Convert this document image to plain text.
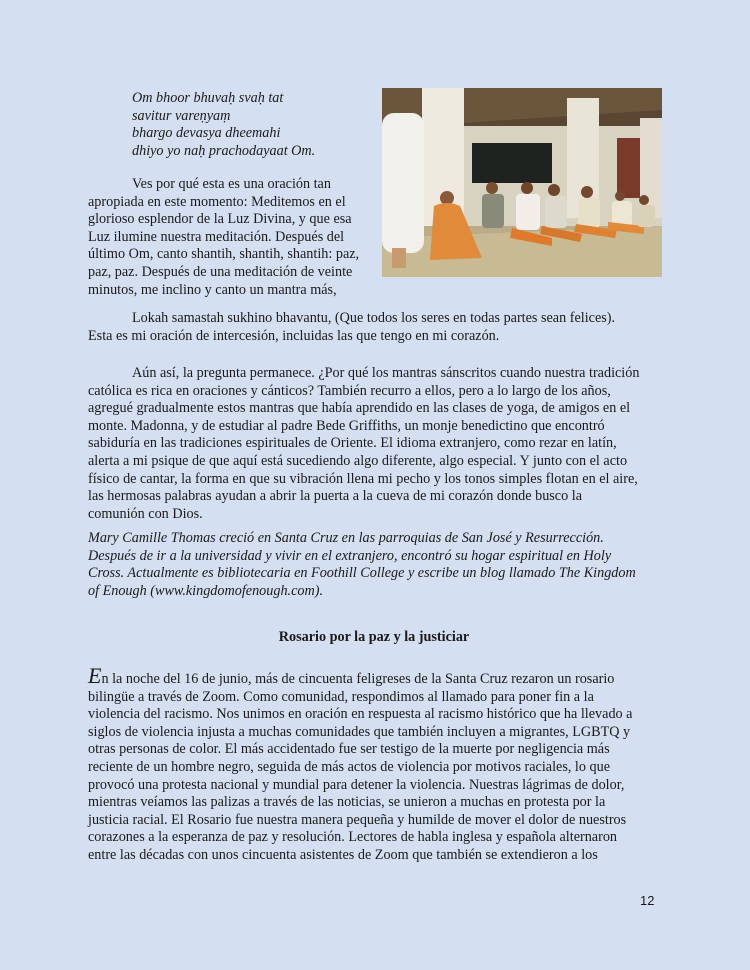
Om bhoor bhuvaḥ svaḥ tat
savitur vareṇyaṃ
bhargo devasya dheemahi
dhiyo yo naḥ prachodayaat Om.

Ves por qué esta es una oración tan
apropiada en este momento: Meditemos en el
glorioso esplendor de la Luz Divina, y que esa
Luz ilumine nuestra meditación. Después del
último Om, canto shantih, shantih, shantih: paz,
paz, paz. Después de una meditación de veinte
minutos, me inclino y canto un mantra más,

Lokah samastah sukhino bhavantu, (Que todos los seres en todas partes sean felices).
Esta es mi oración de intercesión, incluidas las que tengo en mi corazón.

Aún así, la pregunta permanece. ¿Por qué los mantras sánscritos cuando nuestra tradición
católica es rica en oraciones y cánticos? También recurro a ellos, pero a lo largo de los años,
agregué gradualmente estos mantras que había aprendido en las clases de yoga, de amigos en el
monte. Madonna, y de estudiar al padre Bede Griffiths, un monje benedictino que encontró
sabiduría en las tradiciones espirituales de Oriente. El idioma extranjero, como rezar en latín,
alerta a mi psique de que aquí está sucediendo algo diferente, algo especial. Y junto con el acto
físico de cantar, la forma en que su vibración llena mi pecho y los tonos simples flotan en el aire,
las hermosas palabras ayudan a abrir la puerta a la cueva de mi corazón donde busco la
comunión con Dios.

Mary Camille Thomas creció en Santa Cruz en las parroquias de San José y Resurrección.
Después de ir a la universidad y vivir en el extranjero, encontró su hogar espiritual en Holy
Cross. Actualmente es bibliotecaria en Foothill College y escribe un blog llamado The Kingdom
of Enough (www.kingdomofenough.com).

Rosario por la paz y la justiciar

En la noche del 16 de junio, más de cincuenta feligreses de la Santa Cruz rezaron un rosario
bilingüe a través de Zoom. Como comunidad, respondimos al llamado para poner fin a la
violencia del racismo. Nos unimos en oración en respuesta al racismo histórico que ha llevado a
siglos de violencia injusta a muchas comunidades que también incluyen a migrantes, LGBTQ y
otras personas de color. El más accidentado fue ser testigo de la muerte por negligencia más
reciente de un hombre negro, seguida de más actos de violencia por motivos raciales, lo que
provocó una protesta nacional y mundial para detener la violencia. Nuestras lágrimas de dolor,
mientras veíamos las palizas a través de las noticias, se unieron a muchas en protesta por la
justicia racial. El Rosario fue nuestra manera pequeña y humilde de mover el dolor de nuestros
corazones a la esperanza de paz y resolución. Lectores de habla inglesa y española alternaron
entre las décadas con unos cincuenta asistentes de Zoom que también se extendieron a los

12
